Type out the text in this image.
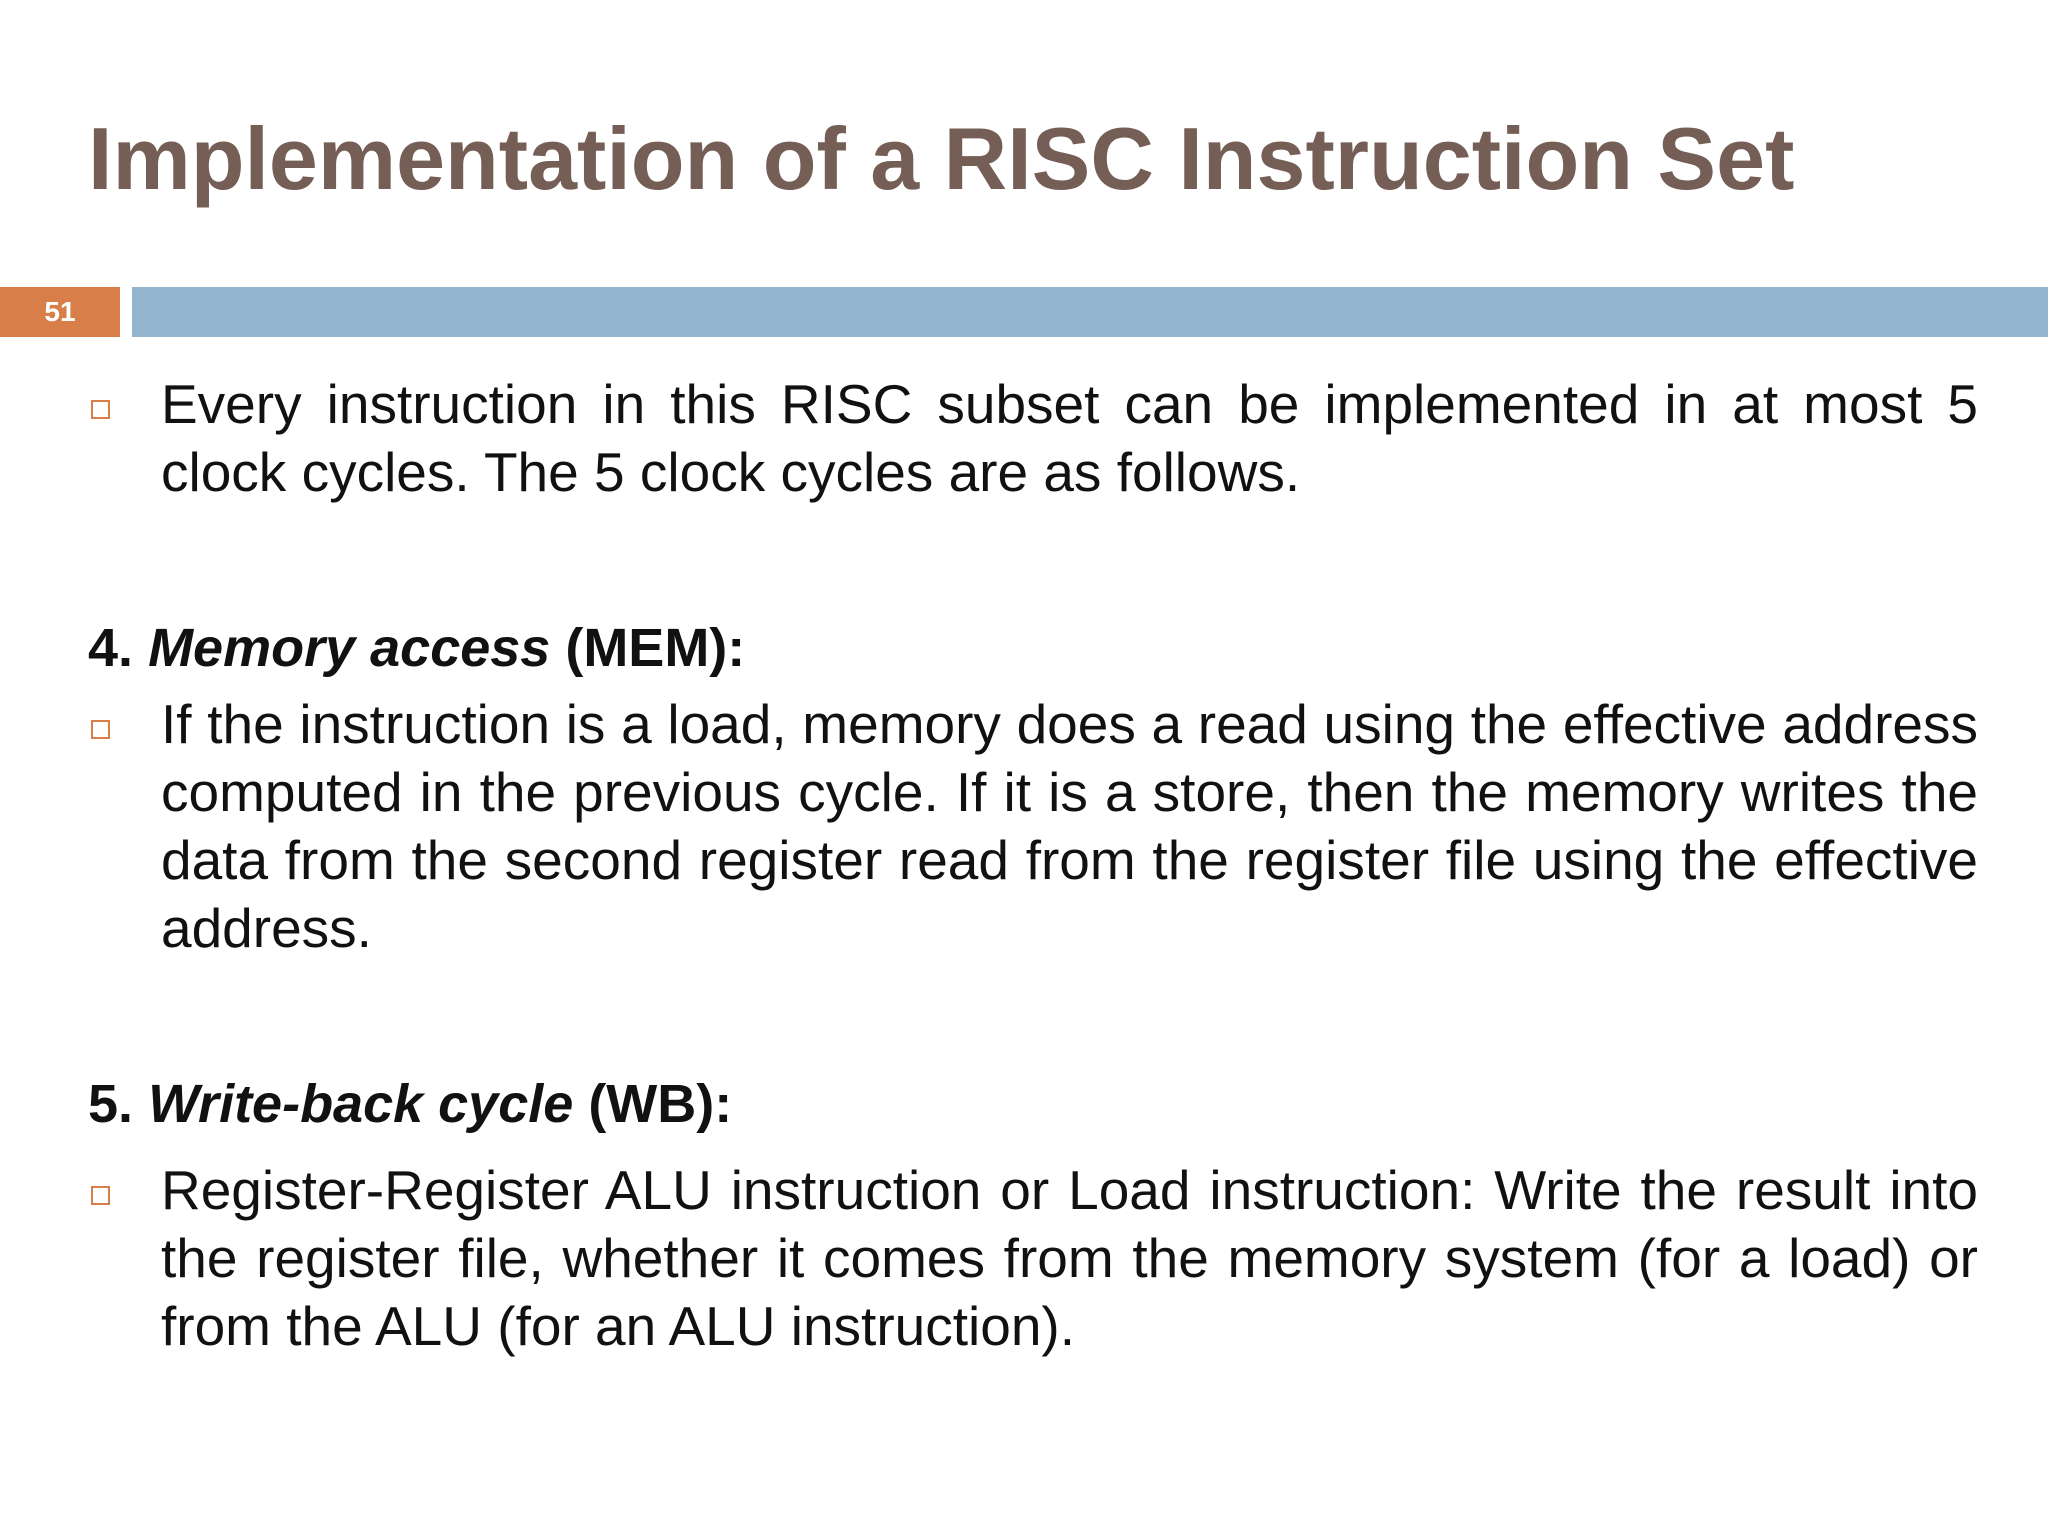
Implementation of a RISC Instruction Set
51

Every instruction in this RISC subset can be implemented in at most 5 clock cycles. The 5 clock cycles are as follows.

4. Memory access (MEM):

If the instruction is a load, memory does a read using the effective address computed in the previous cycle. If it is a store, then the memory writes the data from the second register read from the register file using the effective address.

5. Write-back cycle (WB):

Register-Register ALU instruction or Load instruction: Write the result into the register file, whether it comes from the memory system (for a load) or from the ALU (for an ALU instruction).
